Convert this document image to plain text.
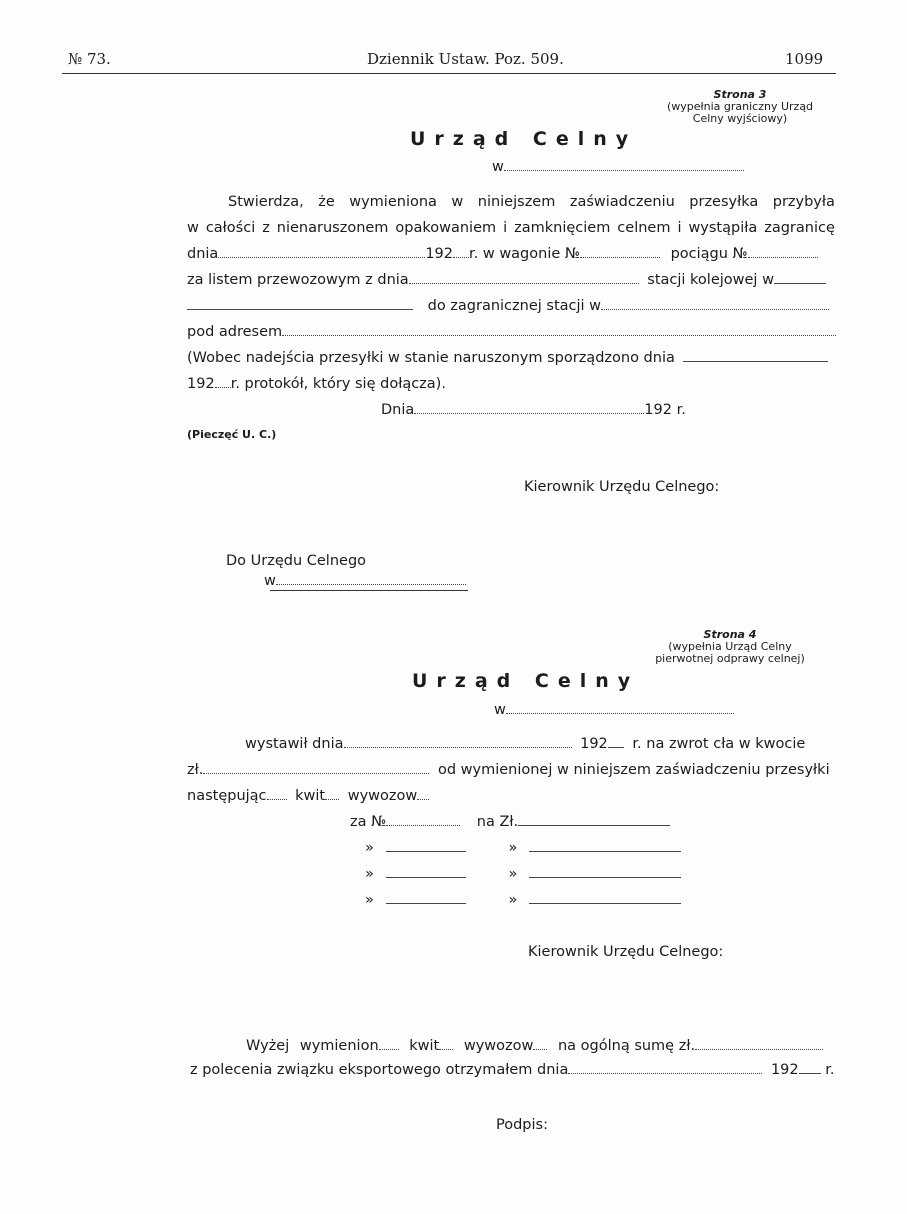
№ 73.	Dziennik Ustaw. Poz. 509.	1099
Strona 3
(wypełnia graniczny Urząd
Celny wyjściowy)
Urząd Celny
w
Stwierdza, że wymieniona w niniejszem zaświadczeniu przesyłka przybyła
w całości z nienaruszonem opakowaniem i zamknięciem celnem i wystąpiła zagranicę
dnia	192 r. w wagonie №	pociągu №
za listem przewozowym z dnia	stacji kolejowej w
do zagranicznej stacji w
pod adresem
(Wobec nadejścia przesyłki w stanie naruszonym sporządzono dnia
192 r. protokół, który się dołącza).
Dnia	192 r.
(Pieczęć U. C.)
Kierownik Urzędu Celnego:
Do Urzędu Celnego
w
Strona 4
(wypełnia Urząd Celny
pierwotnej odprawy celnej)
Urząd Celny
w
wystawił dnia	192 r. na zwrot cła w kwocie
zł.	od wymienionej w niniejszem zaświadczeniu przesyłki
następując kwit wywozow
za №	na Zł.
»	»
»	»
»	»
Kierownik Urzędu Celnego:
Wyżej wymienion kwit wywozow na ogólną sumę zł.
z polecenia związku eksportowego otrzymałem dnia	192 r.
Podpis:
